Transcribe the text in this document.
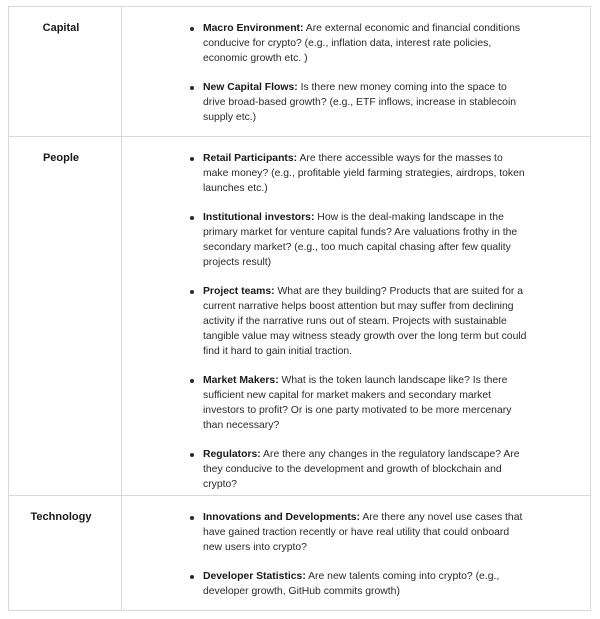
Capital	Macro Environment: Are external economic and financial conditions conducive for crypto? (e.g., inflation data, interest rate policies, economic growth etc. )
New Capital Flows: Is there new money coming into the space to drive broad-based growth? (e.g., ETF inflows, increase in stablecoin supply etc.)
People	Retail Participants: Are there accessible ways for the masses to make money? (e.g., profitable yield farming strategies, airdrops, token launches etc.)
Institutional investors: How is the deal-making landscape in the primary market for venture capital funds? Are valuations frothy in the secondary market? (e.g., too much capital chasing after few quality projects result)
Project teams: What are they building? Products that are suited for a current narrative helps boost attention but may suffer from declining activity if the narrative runs out of steam. Projects with sustainable tangible value may witness steady growth over the long term but could find it hard to gain initial traction.
Market Makers: What is the token launch landscape like? Is there sufficient new capital for market makers and secondary market investors to profit? Or is one party motivated to be more mercenary than necessary?
Regulators: Are there any changes in the regulatory landscape? Are they conducive to the development and growth of blockchain and crypto?
Technology	Innovations and Developments: Are there any novel use cases that have gained traction recently or have real utility that could onboard new users into crypto?
Developer Statistics: Are new talents coming into crypto? (e.g., developer growth, GitHub commits growth)
